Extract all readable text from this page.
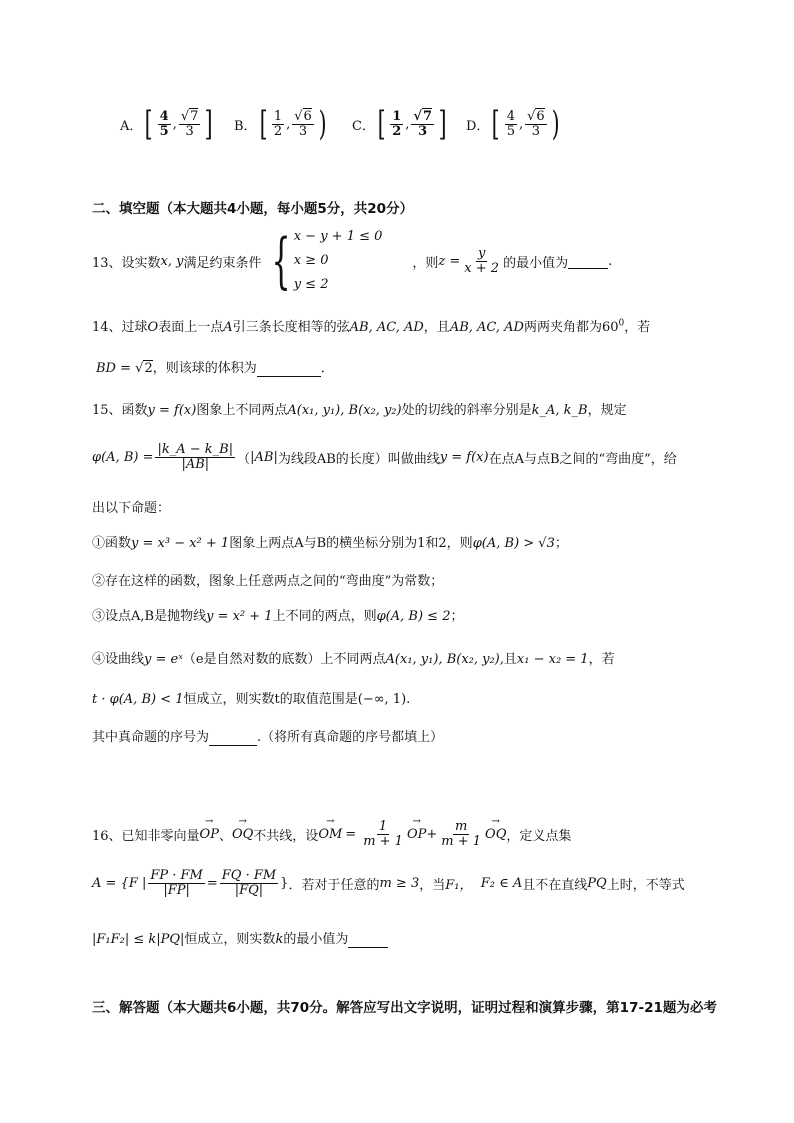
A． [ $\frac{4}{5}$ , $\frac{√7}{3}$ ] B． [ $\frac{1}{2}$ , $\frac{√6}{3}$ ) C． [ $\frac{1}{2}$ , $\frac{√7}{3}$ ] D． [ $\frac{4}{5}$ , $\frac{√6}{3}$ )
二、填空题（本大题共4小题，每小题5分，共20分）
13、设实数 x, y 满足约束条件 { x − y + 1 ≤ 0
x ≥ 0
y ≤ 2
，则 $z = \frac{y}{x + 2}$ 的最小值为
	.
14、过球O表面上一点A引三条长度相等的弦AB, AC, AD，且AB, AC, AD两两夹角都为$60^0$，若
BD = √2，则该球的体积为	．
15、函数y = f(x)图象上不同两点A(x₁, y₁), B(x₂, y₂)处的切线的斜率分别是k_A, k_B，规定
φ(A, $B) = \frac{|k\_A - k\_B|}{|AB|}$ （ |AB| 为线段AB的长度）叫做曲线 y = f(x) 在点A与点B之间的“弯曲度”，给
出以下命题：
①函数y = x³ − x² + 1图象上两点A与B的横坐标分别为1和2，则φ(A, B) > √3；
②存在这样的函数，图象上任意两点之间的“弯曲度”为常数；
③设点A,B是抛物线y = x² + 1上不同的两点，则φ(A, B) ≤ 2；
④设曲线y = eˣ（e是自然对数的底数）上不同两点A(x₁, y₁), B(x₂, y₂),且x₁ − x₂ = 1，若
t · φ(A, B) < 1恒成立，则实数t的取值范围是(−∞, 1).
其中真命题的序号为	.（将所有真命题的序号都填上）
16、已知非零向量 → OP 、 → OQ 不共线，设 → OM = $\frac{1}{m + 1}$ → OP + $\frac{m}{m + 1}$ → OQ ，定义点集
A = {F | $\frac{FP \cdot FM}{|FP|} = \frac{FQ \cdot FM}{|FQ|}$ } ．若对于任意的 m ≥ 3 ，当 F₁，
F₂ ∈ A 且不在直线 PQ 上时，不等式
|F₁F₂| ≤ k|PQ|恒成立，则实数k的最小值为
三、解答题（本大题共6小题，共70分。解答应写出文字说明，证明过程和演算步骤，第17-21题为必考
